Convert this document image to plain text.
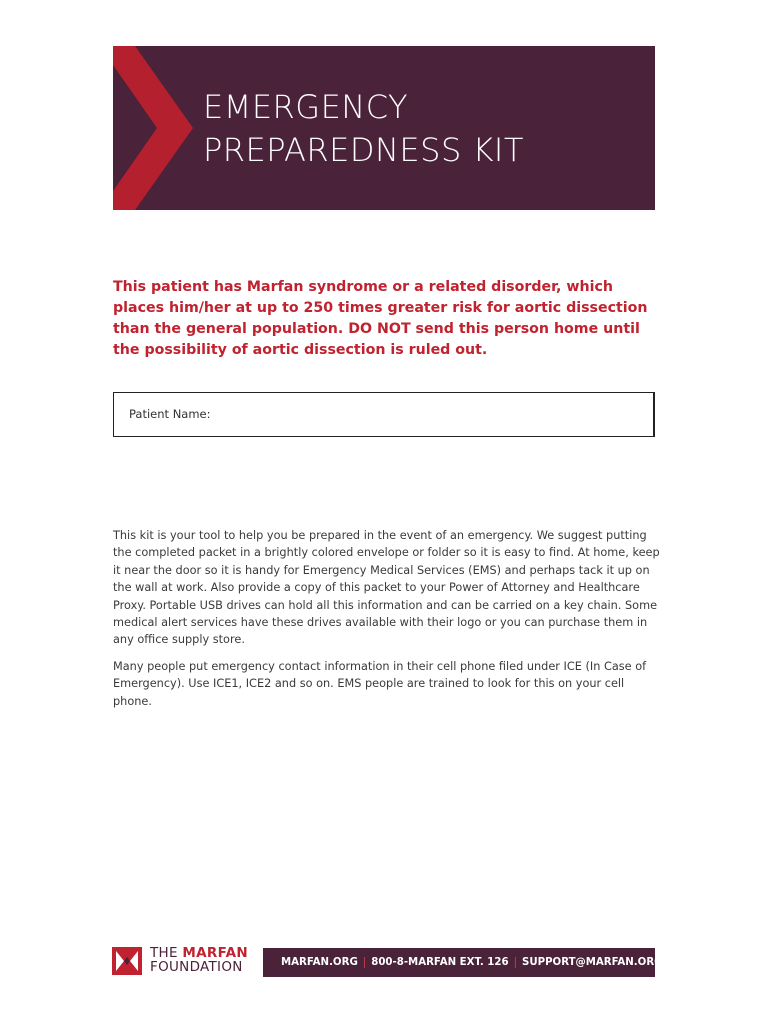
EMERGENCY
PREPAREDNESS KIT

This patient has Marfan syndrome or a related disorder, which places him/her at up to 250 times greater risk for aortic dissection than the general population. DO NOT send this person home until the possibility of aortic dissection is ruled out.

Patient Name:

This kit is your tool to help you be prepared in the event of an emergency. We suggest putting the completed packet in a brightly colored envelope or folder so it is easy to find. At home, keep it near the door so it is handy for Emergency Medical Services (EMS) and perhaps tack it up on the wall at work. Also provide a copy of this packet to your Power of Attorney and Healthcare Proxy. Portable USB drives can hold all this information and can be carried on a key chain. Some medical alert services have these drives available with their logo or you can purchase them in any office supply store.

Many people put emergency contact information in their cell phone filed under ICE (In Case of Emergency). Use ICE1, ICE2 and so on. EMS people are trained to look for this on your cell phone.

THE MARFAN
FOUNDATION	MARFAN.ORG | 800-8-MARFAN EXT. 126 | SUPPORT@MARFAN.ORG
